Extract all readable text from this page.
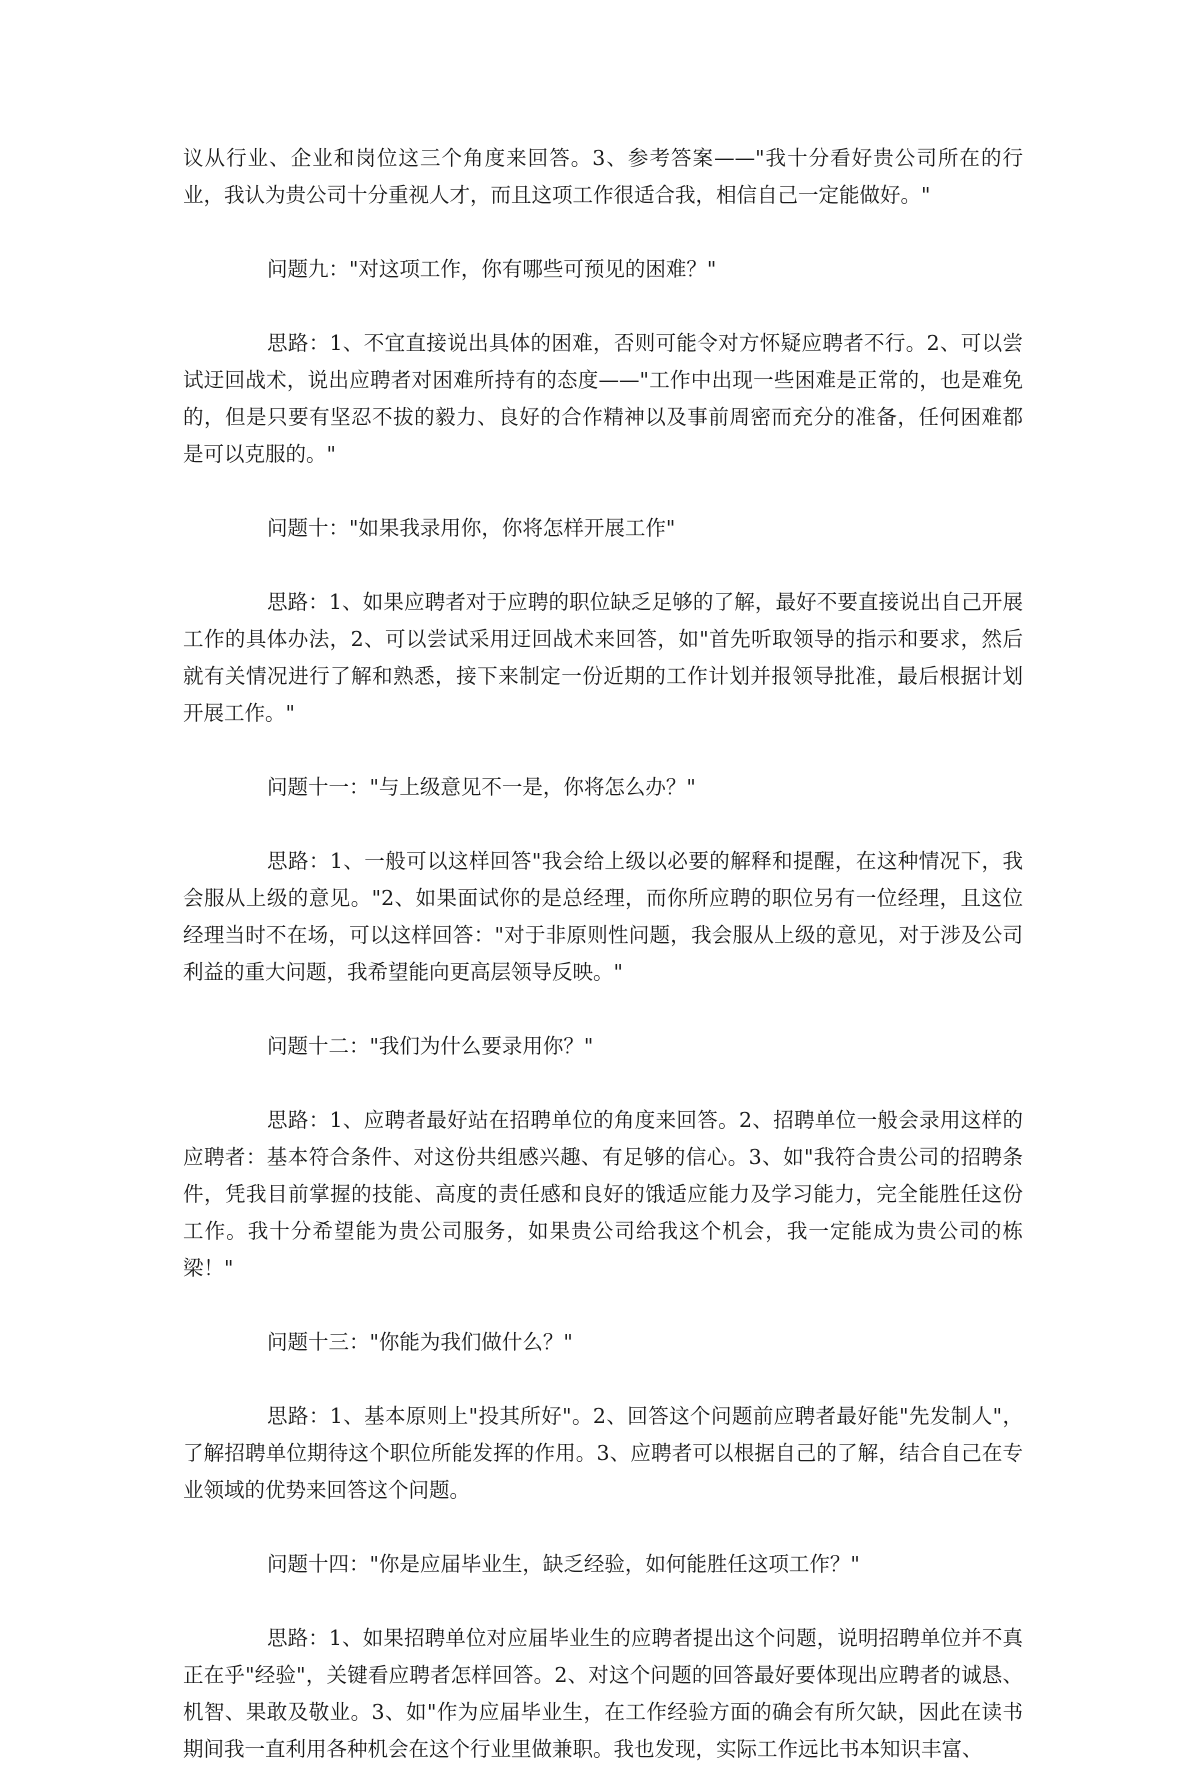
议从行业、企业和岗位这三个角度来回答。3、参考答案——"我十分看好贵公司所在的行业，我认为贵公司十分重视人才，而且这项工作很适合我，相信自己一定能做好。"

问题九："对这项工作，你有哪些可预见的困难？"

思路：1、不宜直接说出具体的困难，否则可能令对方怀疑应聘者不行。2、可以尝试迂回战术，说出应聘者对困难所持有的态度——"工作中出现一些困难是正常的，也是难免的，但是只要有坚忍不拔的毅力、良好的合作精神以及事前周密而充分的准备，任何困难都是可以克服的。"

问题十："如果我录用你，你将怎样开展工作"

思路：1、如果应聘者对于应聘的职位缺乏足够的了解，最好不要直接说出自己开展工作的具体办法，2、可以尝试采用迂回战术来回答，如"首先听取领导的指示和要求，然后就有关情况进行了解和熟悉，接下来制定一份近期的工作计划并报领导批准，最后根据计划开展工作。"

问题十一："与上级意见不一是，你将怎么办？"

思路：1、一般可以这样回答"我会给上级以必要的解释和提醒，在这种情况下，我会服从上级的意见。"2、如果面试你的是总经理，而你所应聘的职位另有一位经理，且这位经理当时不在场，可以这样回答："对于非原则性问题，我会服从上级的意见，对于涉及公司利益的重大问题，我希望能向更高层领导反映。"

问题十二："我们为什么要录用你？"

思路：1、应聘者最好站在招聘单位的角度来回答。2、招聘单位一般会录用这样的应聘者：基本符合条件、对这份共组感兴趣、有足够的信心。3、如"我符合贵公司的招聘条件，凭我目前掌握的技能、高度的责任感和良好的饿适应能力及学习能力，完全能胜任这份工作。我十分希望能为贵公司服务，如果贵公司给我这个机会，我一定能成为贵公司的栋梁！"

问题十三："你能为我们做什么？"

思路：1、基本原则上"投其所好"。2、回答这个问题前应聘者最好能"先发制人"，了解招聘单位期待这个职位所能发挥的作用。3、应聘者可以根据自己的了解，结合自己在专业领域的优势来回答这个问题。

问题十四："你是应届毕业生，缺乏经验，如何能胜任这项工作？"

思路：1、如果招聘单位对应届毕业生的应聘者提出这个问题，说明招聘单位并不真正在乎"经验"，关键看应聘者怎样回答。2、对这个问题的回答最好要体现出应聘者的诚恳、机智、果敢及敬业。3、如"作为应届毕业生，在工作经验方面的确会有所欠缺，因此在读书期间我一直利用各种机会在这个行业里做兼职。我也发现，实际工作远比书本知识丰富、
